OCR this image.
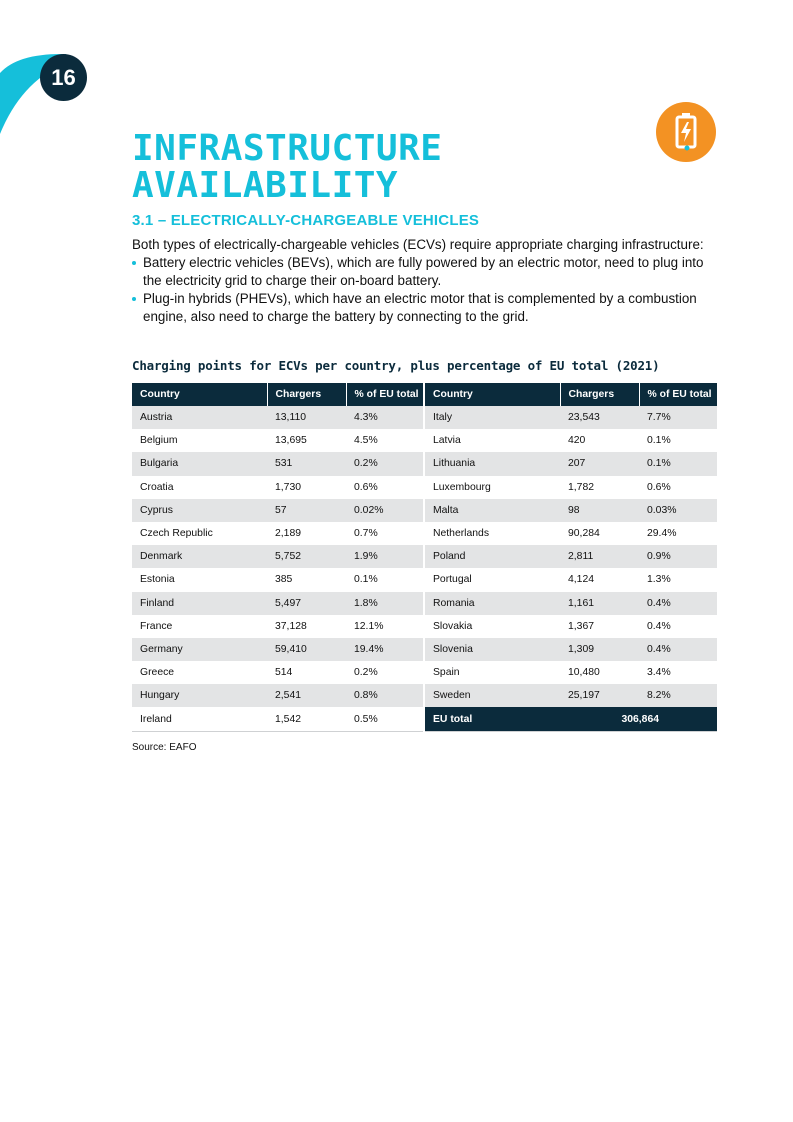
16
INFRASTRUCTURE
AVAILABILITY
3.1 – ELECTRICALLY-CHARGEABLE VEHICLES

Both types of electrically-chargeable vehicles (ECVs) require appropriate charging infrastructure:

Battery electric vehicles (BEVs), which are fully powered by an electric motor, need to plug into the electricity grid to charge their on-board battery.
Plug-in hybrids (PHEVs), which have an electric motor that is complemented by a combustion engine, also need to charge the battery by connecting to the grid.
Charging points for ECVs per country, plus percentage of EU total (2021)
Country	Chargers	% of EU total
Austria	13,110	4.3%
Belgium	13,695	4.5%
Bulgaria	531	0.2%
Croatia	1,730	0.6%
Cyprus	57	0.02%
Czech Republic	2,189	0.7%
Denmark	5,752	1.9%
Estonia	385	0.1%
Finland	5,497	1.8%
France	37,128	12.1%
Germany	59,410	19.4%
Greece	514	0.2%
Hungary	2,541	0.8%
Ireland	1,542	0.5%
Country	Chargers	% of EU total
Italy	23,543	7.7%
Latvia	420	0.1%
Lithuania	207	0.1%
Luxembourg	1,782	0.6%
Malta	98	0.03%
Netherlands	90,284	29.4%
Poland	2,811	0.9%
Portugal	4,124	1.3%
Romania	1,161	0.4%
Slovakia	1,367	0.4%
Slovenia	1,309	0.4%
Spain	10,480	3.4%
Sweden	25,197	8.2%
EU total	306,864	

Source: EAFO
